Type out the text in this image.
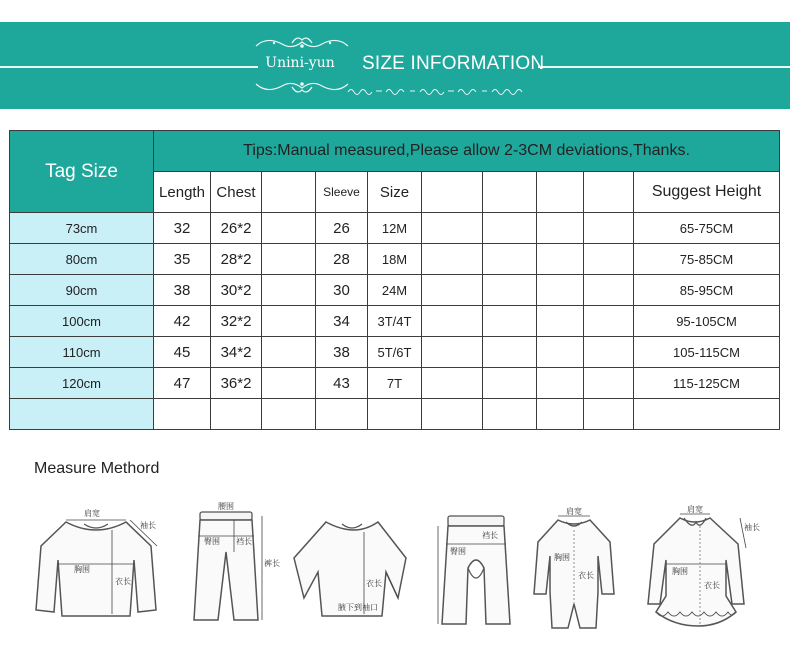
Unini-yun	SIZE INFORMATION
Tag Size	Tips:Manual measured,Please allow 2-3CM deviations,Thanks.									
	Length	Chest		Sleeve	Size					Suggest Height
73cm	32	26*2		26	12M					65-75CM
80cm	35	28*2		28	18M					75-85CM
90cm	38	30*2		30	24M					85-95CM
100cm	42	32*2		34	3T/4T					95-105CM
110cm	45	34*2		38	5T/6T					105-115CM
120cm	47	36*2		43	7T					115-125CM

Measure Methord
肩宽
胸围
衣长
袖长
腰围
臀围 裆长
裤长
衣长
腋下到袖口
裆长
臀围
肩宽
胸围
衣长
肩宽
胸围
衣长
袖长
